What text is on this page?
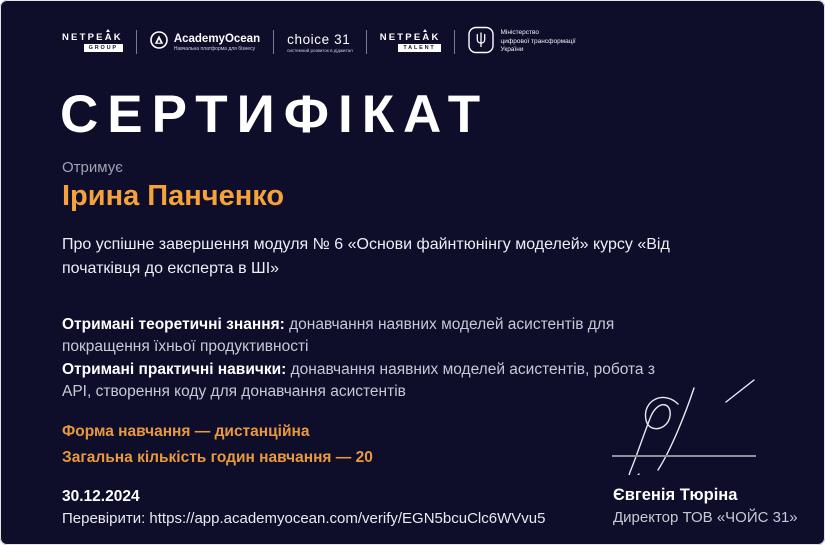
NETPEAK
GROUP
AcademyOcean
Навчальна платформа для бізнесу
choice 31
системний розвиток в діджитал
NETPEAK
TALENT
Міністерство
цифрової трансформації
України
СЕРТИФІКАТ
Отримує
Ірина Панченко

Про успішне завершення модуля № 6 «Основи файнтюнінгу моделей» курсу «Від початківця до експерта в ШІ»

Отримані теоретичні знання: донавчання наявних моделей асистентів для покращення їхньої продуктивності

Отримані практичні навички: донавчання наявних моделей асистентів, робота з API, створення коду для донавчання асистентів

Форма навчання — дистанційна
Загальна кількість годин навчання — 20
30.12.2024
Перевірити: https://app.academyocean.com/verify/EGN5bcuClc6WVvu5
Євгенія Тюріна
Директор ТОВ «ЧОЙС 31»
